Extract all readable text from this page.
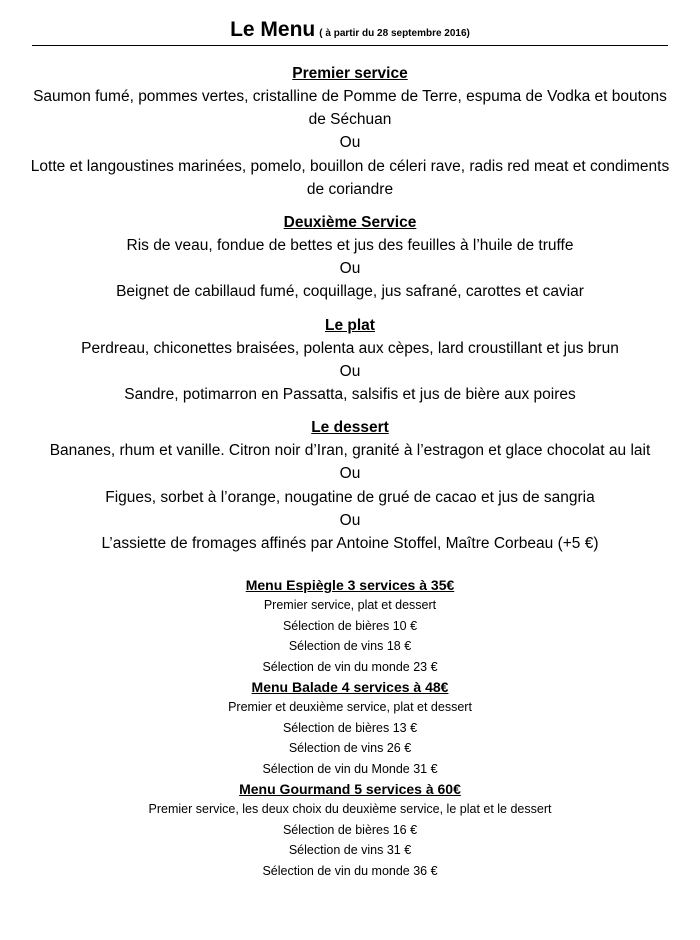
Le Menu ( à partir du 28 septembre 2016)
Premier service
Saumon fumé, pommes vertes, cristalline de Pomme de Terre, espuma de Vodka et boutons de Séchuan
Ou
Lotte et langoustines marinées, pomelo, bouillon de céleri rave, radis red meat et condiments de coriandre
Deuxième Service
Ris de veau, fondue de bettes et jus des feuilles à l’huile de truffe
Ou
Beignet de cabillaud fumé, coquillage, jus safrané, carottes et caviar
Le plat
Perdreau, chiconettes braisées, polenta aux cèpes, lard croustillant et jus brun
Ou
Sandre, potimarron en Passatta, salsifis et jus de bière aux poires
Le dessert
Bananes, rhum et vanille. Citron noir d’Iran, granité à l’estragon et glace chocolat au lait
Ou
Figues, sorbet à l’orange, nougatine de grué de cacao et jus de sangria
Ou
L’assiette de fromages affinés par Antoine Stoffel, Maître Corbeau (+5 €)
Menu Espiègle 3 services à 35€
Premier service, plat et dessert
Sélection de bières 10 €
Sélection de vins 18 €
Sélection de vin du monde 23 €
Menu Balade 4 services à 48€
Premier et deuxième service, plat et dessert
Sélection de bières 13 €
Sélection de vins 26 €
Sélection de vin du Monde 31 €
Menu Gourmand 5 services à 60€
Premier service, les deux choix du deuxième service, le plat et le dessert
Sélection de bières 16 €
Sélection de vins 31 €
Sélection de vin du monde 36 €
